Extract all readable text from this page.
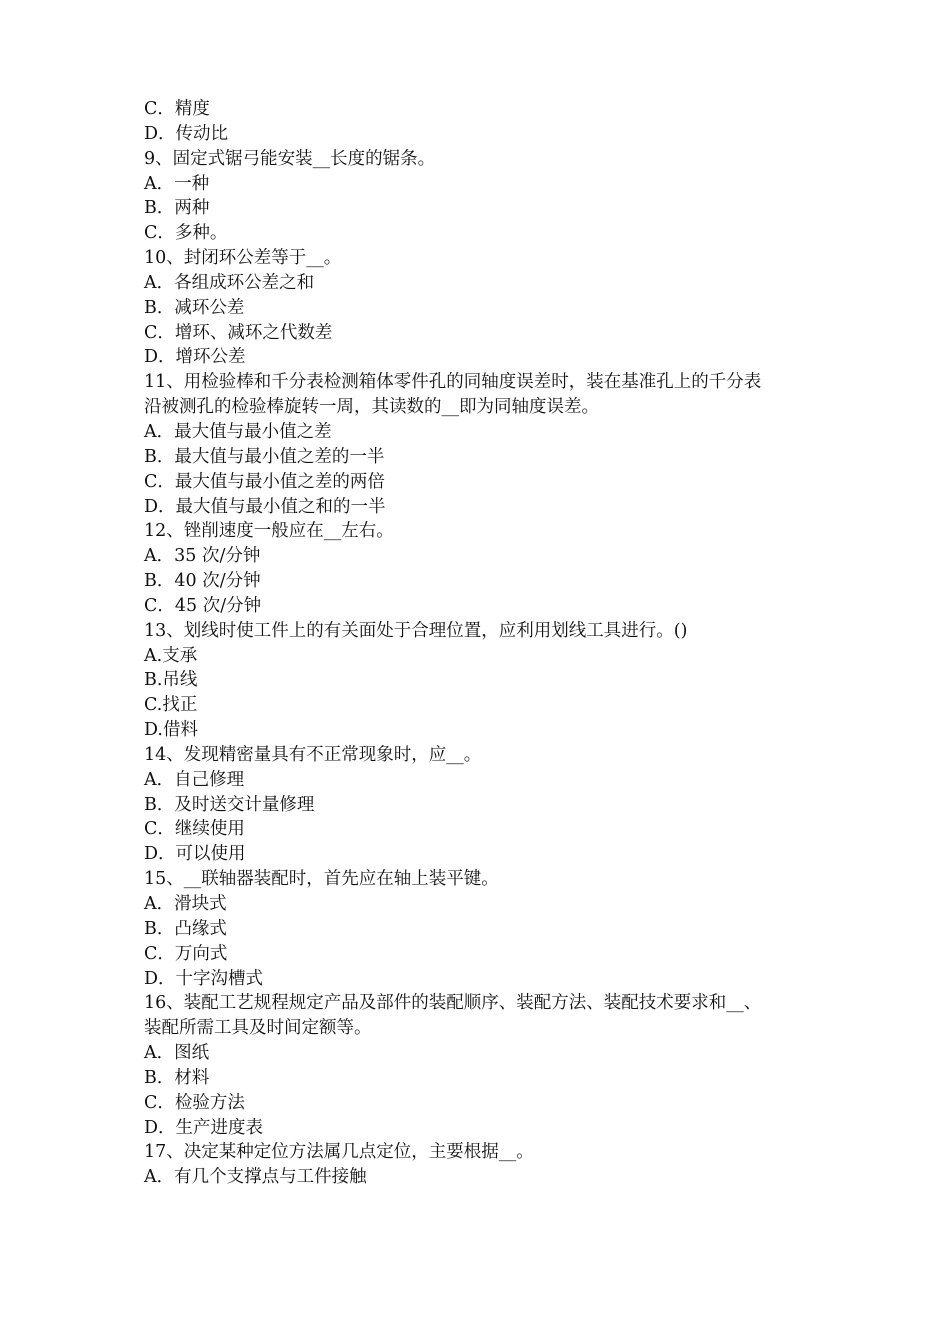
C．精度
D．传动比
9、固定式锯弓能安装__长度的锯条。
A．一种
B．两种
C．多种。
10、封闭环公差等于__。
A．各组成环公差之和
B．减环公差
C．增环、减环之代数差
D．增环公差
11、用检验棒和千分表检测箱体零件孔的同轴度误差时，装在基准孔上的千分表
沿被测孔的检验棒旋转一周，其读数的__即为同轴度误差。
A．最大值与最小值之差
B．最大值与最小值之差的一半
C．最大值与最小值之差的两倍
D．最大值与最小值之和的一半
12、锉削速度一般应在__左右。
A．35 次/分钟
B．40 次/分钟
C．45 次/分钟
13、划线时使工件上的有关面处于合理位置，应利用划线工具进行。()
A.支承
B.吊线
C.找正
D.借料
14、发现精密量具有不正常现象时，应__。
A．自己修理
B．及时送交计量修理
C．继续使用
D．可以使用
15、__联轴器装配时，首先应在轴上装平键。
A．滑块式
B．凸缘式
C．万向式
D．十字沟槽式
16、装配工艺规程规定产品及部件的装配顺序、装配方法、装配技术要求和__、
装配所需工具及时间定额等。
A．图纸
B．材料
C．检验方法
D．生产进度表
17、决定某种定位方法属几点定位，主要根据__。
A．有几个支撑点与工件接触
